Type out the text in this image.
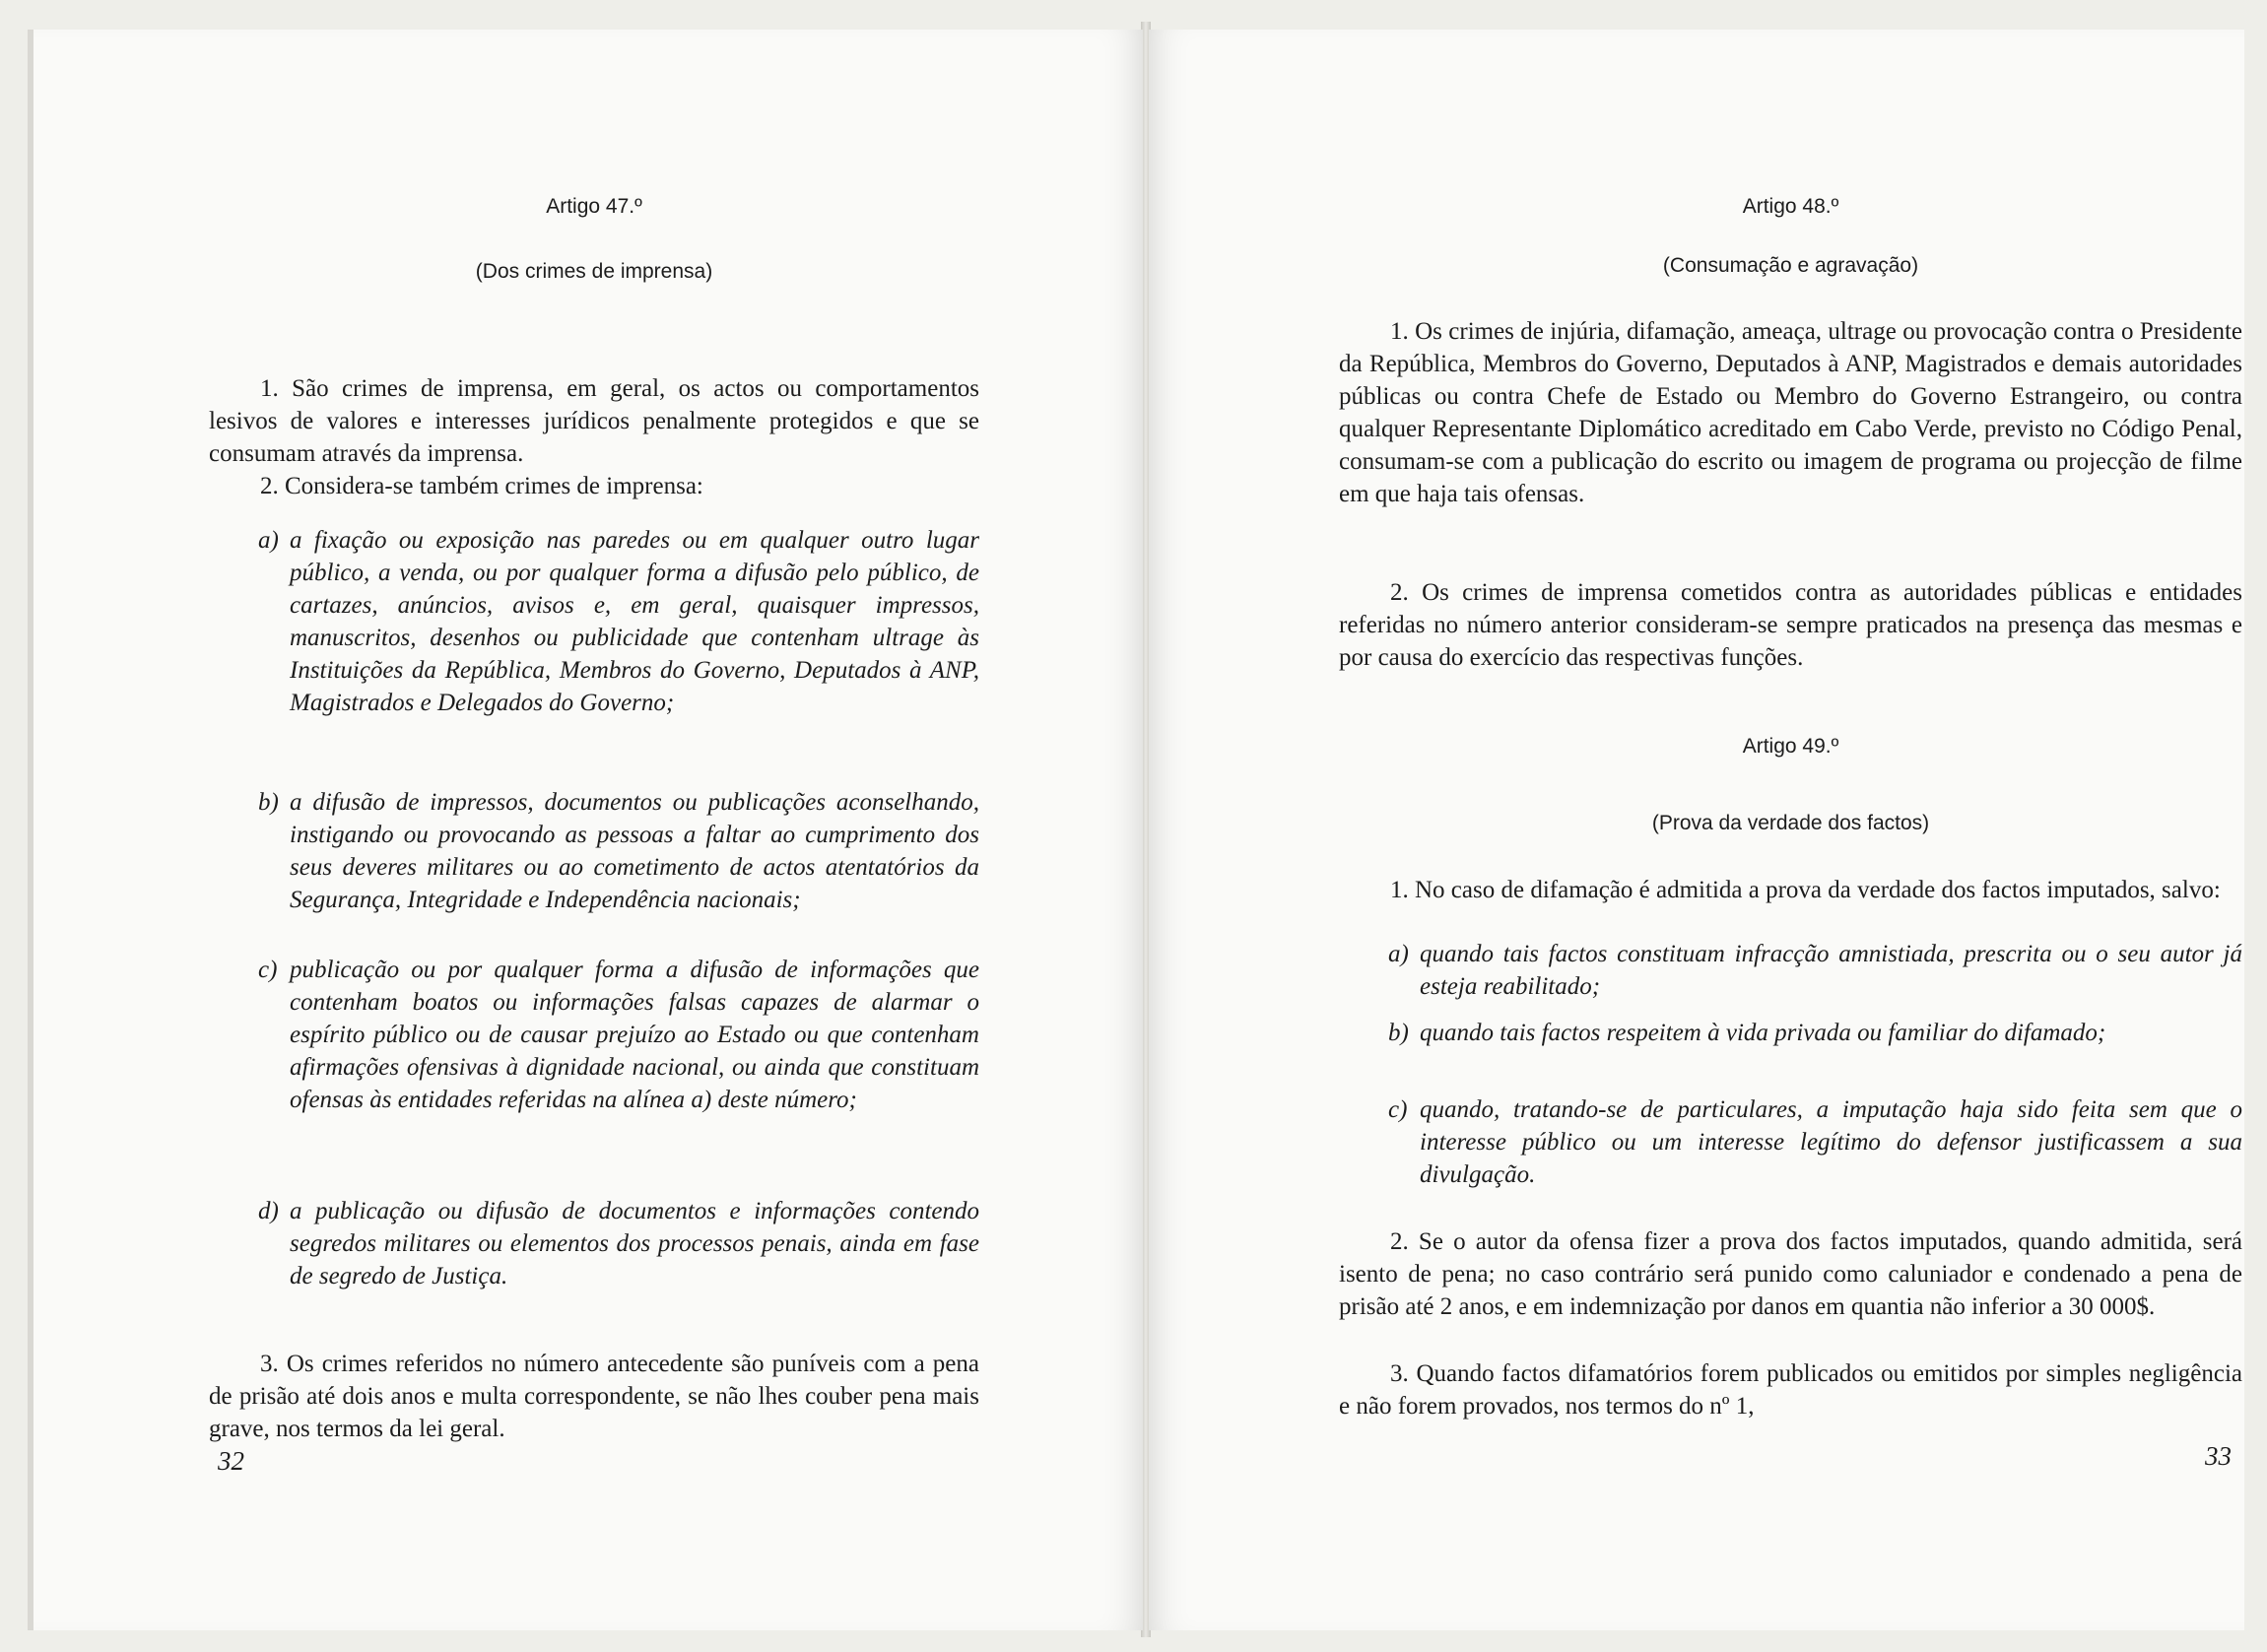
Artigo 47.º
(Dos crimes de imprensa)
1. São crimes de imprensa, em geral, os actos ou comportamentos lesivos de valores e interesses jurídicos penalmente protegidos e que se consumam através da imprensa.
2. Considera-se também crimes de imprensa:
a) a fixação ou exposição nas paredes ou em qualquer outro lugar público, a venda, ou por qualquer forma a difusão pelo público, de cartazes, anúncios, avisos e, em geral, quaisquer impressos, manuscritos, desenhos ou publicidade que contenham ultrage às Instituições da República, Membros do Governo, Deputados à ANP, Magistrados e Delegados do Governo;
b) a difusão de impressos, documentos ou publicações aconselhando, instigando ou provocando as pessoas a faltar ao cumprimento dos seus deveres militares ou ao cometimento de actos atentatórios da Segurança, Integridade e Independência nacionais;
c) publicação ou por qualquer forma a difusão de informações que contenham boatos ou informações falsas capazes de alarmar o espírito público ou de causar prejuízo ao Estado ou que contenham afirmações ofensivas à dignidade nacional, ou ainda que constituam ofensas às entidades referidas na alínea a) deste número;
d) a publicação ou difusão de documentos e informações contendo segredos militares ou elementos dos processos penais, ainda em fase de segredo de Justiça.
3. Os crimes referidos no número antecedente são puníveis com a pena de prisão até dois anos e multa correspondente, se não lhes couber pena mais grave, nos termos da lei geral.
32
Artigo 48.º
(Consumação e agravação)
1. Os crimes de injúria, difamação, ameaça, ultrage ou provocação contra o Presidente da República, Membros do Governo, Deputados à ANP, Magistrados e demais autoridades públicas ou contra Chefe de Estado ou Membro do Governo Estrangeiro, ou contra qualquer Representante Diplomático acreditado em Cabo Verde, previsto no Código Penal, consumam-se com a publicação do escrito ou imagem de programa ou projecção de filme em que haja tais ofensas.
2. Os crimes de imprensa cometidos contra as autoridades públicas e entidades referidas no número anterior consideram-se sempre praticados na presença das mesmas e por causa do exercício das respectivas funções.
Artigo 49.º
(Prova da verdade dos factos)
1. No caso de difamação é admitida a prova da verdade dos factos imputados, salvo:
a) quando tais factos constituam infracção amnistiada, prescrita ou o seu autor já esteja reabilitado;
b) quando tais factos respeitem à vida privada ou familiar do difamado;
c) quando, tratando-se de particulares, a imputação haja sido feita sem que o interesse público ou um interesse legítimo do defensor justificassem a sua divulgação.
2. Se o autor da ofensa fizer a prova dos factos imputados, quando admitida, será isento de pena; no caso contrário será punido como caluniador e condenado a pena de prisão até 2 anos, e em indemnização por danos em quantia não inferior a 30 000$.
3. Quando factos difamatórios forem publicados ou emitidos por simples negligência e não forem provados, nos termos do nº 1,
33
